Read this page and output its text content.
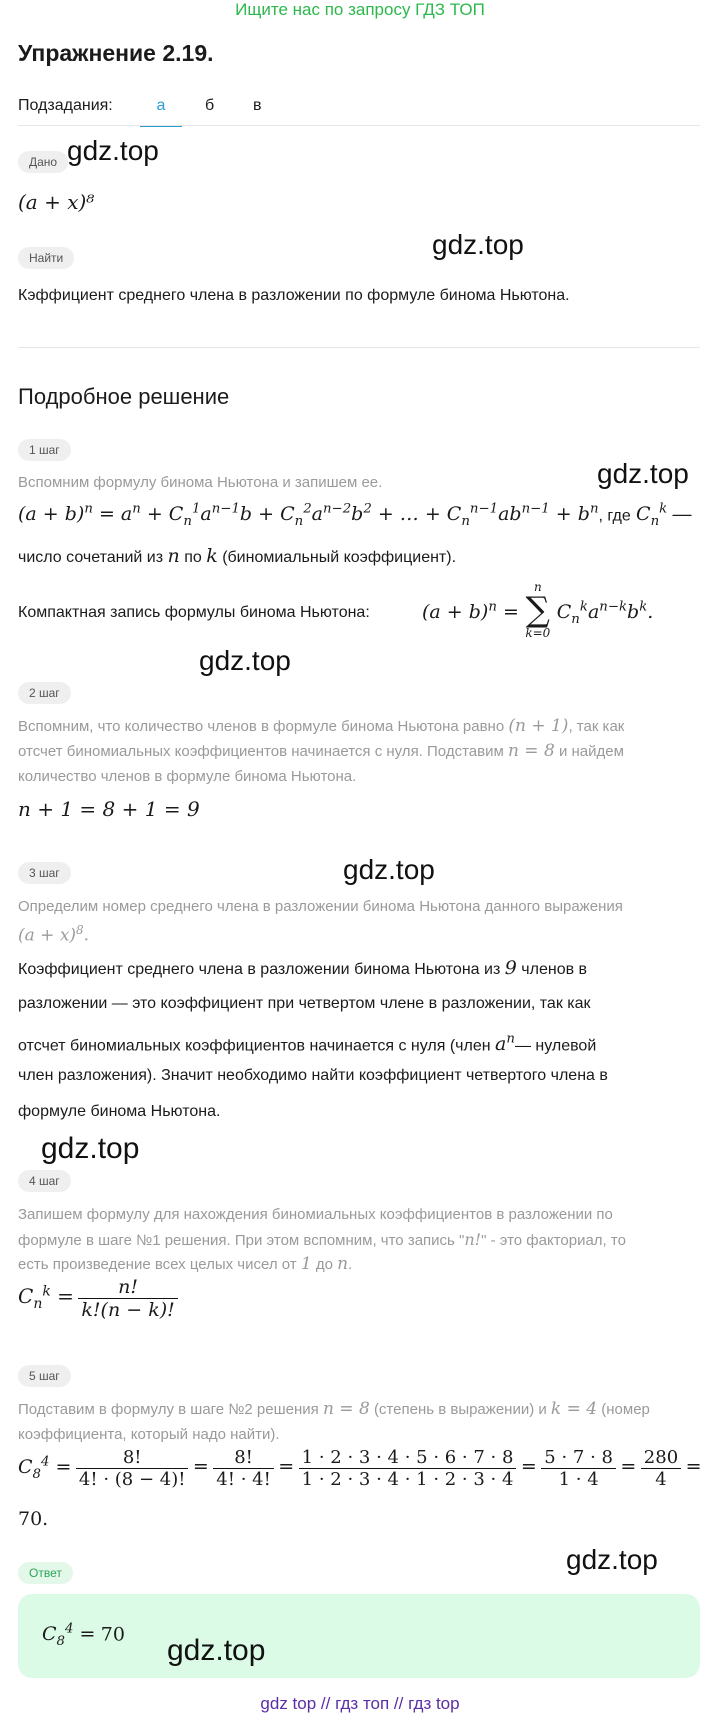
Ищите нас по запросу ГДЗ ТОП
Упражнение 2.19.
Подзадания:	а	б в
Дано
(a + x)⁸
Найти
Кэффициент среднего члена в разложении по формуле бинома Ньютона.
Подробное решение
1 шаг
Вспомним формулу бинома Ньютона и запишем ее.
$(a + b)^n = a^n + C_n^1a^{n-1}b + C_n^2a^{n-2}b^2$ + … + $C_n^{n-1}ab^{n-1} + b^n$, где $C_n^k$ —
число сочетаний из n по k (биномиальный коэффициент).
Компактная запись формулы бинома Ньютона:	$(a + b)^n$ =
n
∑
k=0
$C_n^ka^{n-k}b^k$.
2 шаг
Вспомним, что количество членов в формуле бинома Ньютона равно (n + 1), так как
отсчет биномиальных коэффициентов начинается с нуля. Подставим n = 8 и найдем
количество членов в формуле бинома Ньютона.
n + 1 = 8 + 1 = 9
3 шаг
Определим номер среднего члена в разложении бинома Ньютона данного выражения
$(a + x)^8$.
Коэффициент среднего члена в разложении бинома Ньютона из 9 членов в
разложении — это коэффициент при четвертом члене в разложении, так как
отсчет биномиальных коэффициентов начинается с нуля (член $a^n—$ нулевой
член разложения). Значит необходимо найти коэффициент четвертого члена в
формуле бинома Ньютона.
4 шаг
Запишем формулу для нахождения биномиальных коэффициентов в разложении по
формуле в шаге №1 решения. При этом вспомним, что запись "n!" - это факториал, то
есть произведение всех целых чисел от 1 до n.
$C_n^k = \frac{n!}{k!(n - k)!}$
5 шаг
Подставим в формулу в шаге №2 решения n = 8 (степень в выражении) и k = 4 (номер
коэффициента, который надо найти).
$C_8^4 = \frac{8!}{4! \cdot (8 - 4)!} = \frac{8!}{4! \cdot 4!} = \frac{1 \cdot 2 \cdot 3 \cdot 4 \cdot 5 \cdot 6 \cdot 7 \cdot 8}{1 \cdot 2 \cdot 3 \cdot 4 \cdot 1 \cdot 2 \cdot 3 \cdot 4} = \frac{5 \cdot 7 \cdot 8}{1 \cdot 4} = \frac{280}{4}$ =
70.
Ответ
$C_8^4 = 70$
gdz.top
gdz.top
gdz.top
gdz.top
gdz.top
gdz.top
gdz.top
gdz.top
gdz top // гдз топ // гдз top
